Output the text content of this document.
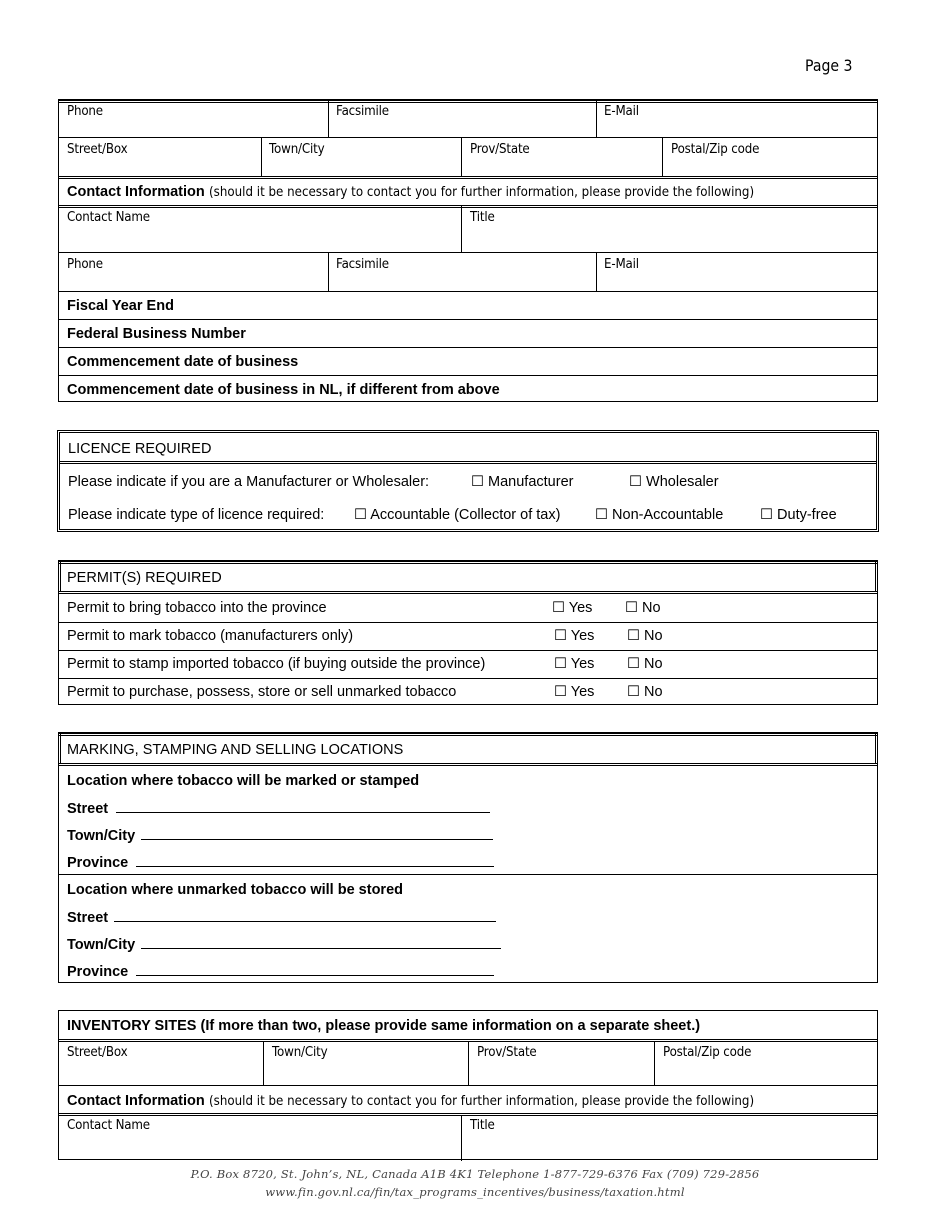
Page 3
Phone	Facsimile	E-Mail
Street/Box	Town/City	Prov/State	Postal/Zip code
Contact Information (should it be necessary to contact you for further information, please provide the following)
Contact Name	Title
Phone	Facsimile	E-Mail
Fiscal Year End
Federal Business Number
Commencement date of business
Commencement date of business in NL, if different from above
LICENCE REQUIRED
Please indicate if you are a Manufacturer or Wholesaler:	☐ Manufacturer	☐ Wholesaler
Please indicate type of licence required: ☐ Accountable (Collector of tax) ☐ Non-Accountable	☐ Duty-free
PERMIT(S) REQUIRED
Permit to bring tobacco into the province	☐ Yes ☐ No
Permit to mark tobacco (manufacturers only)	☐ Yes ☐ No
Permit to stamp imported tobacco (if buying outside the province)	☐ Yes ☐ No
Permit to purchase, possess, store or sell unmarked tobacco	☐ Yes ☐ No
MARKING, STAMPING AND SELLING LOCATIONS
Location where tobacco will be marked or stamped
Street
Town/City
Province
Location where unmarked tobacco will be stored
Street
Town/City
Province
INVENTORY SITES (If more than two, please provide same information on a separate sheet.)
Street/Box	Town/City	Prov/State	Postal/Zip code
Contact Information (should it be necessary to contact you for further information, please provide the following)
Contact Name	Title
P.O. Box 8720, St. John’s, NL, Canada A1B 4K1 Telephone 1-877-729-6376 Fax (709) 729-2856
www.fin.gov.nl.ca/fin/tax_programs_incentives/business/taxation.html
